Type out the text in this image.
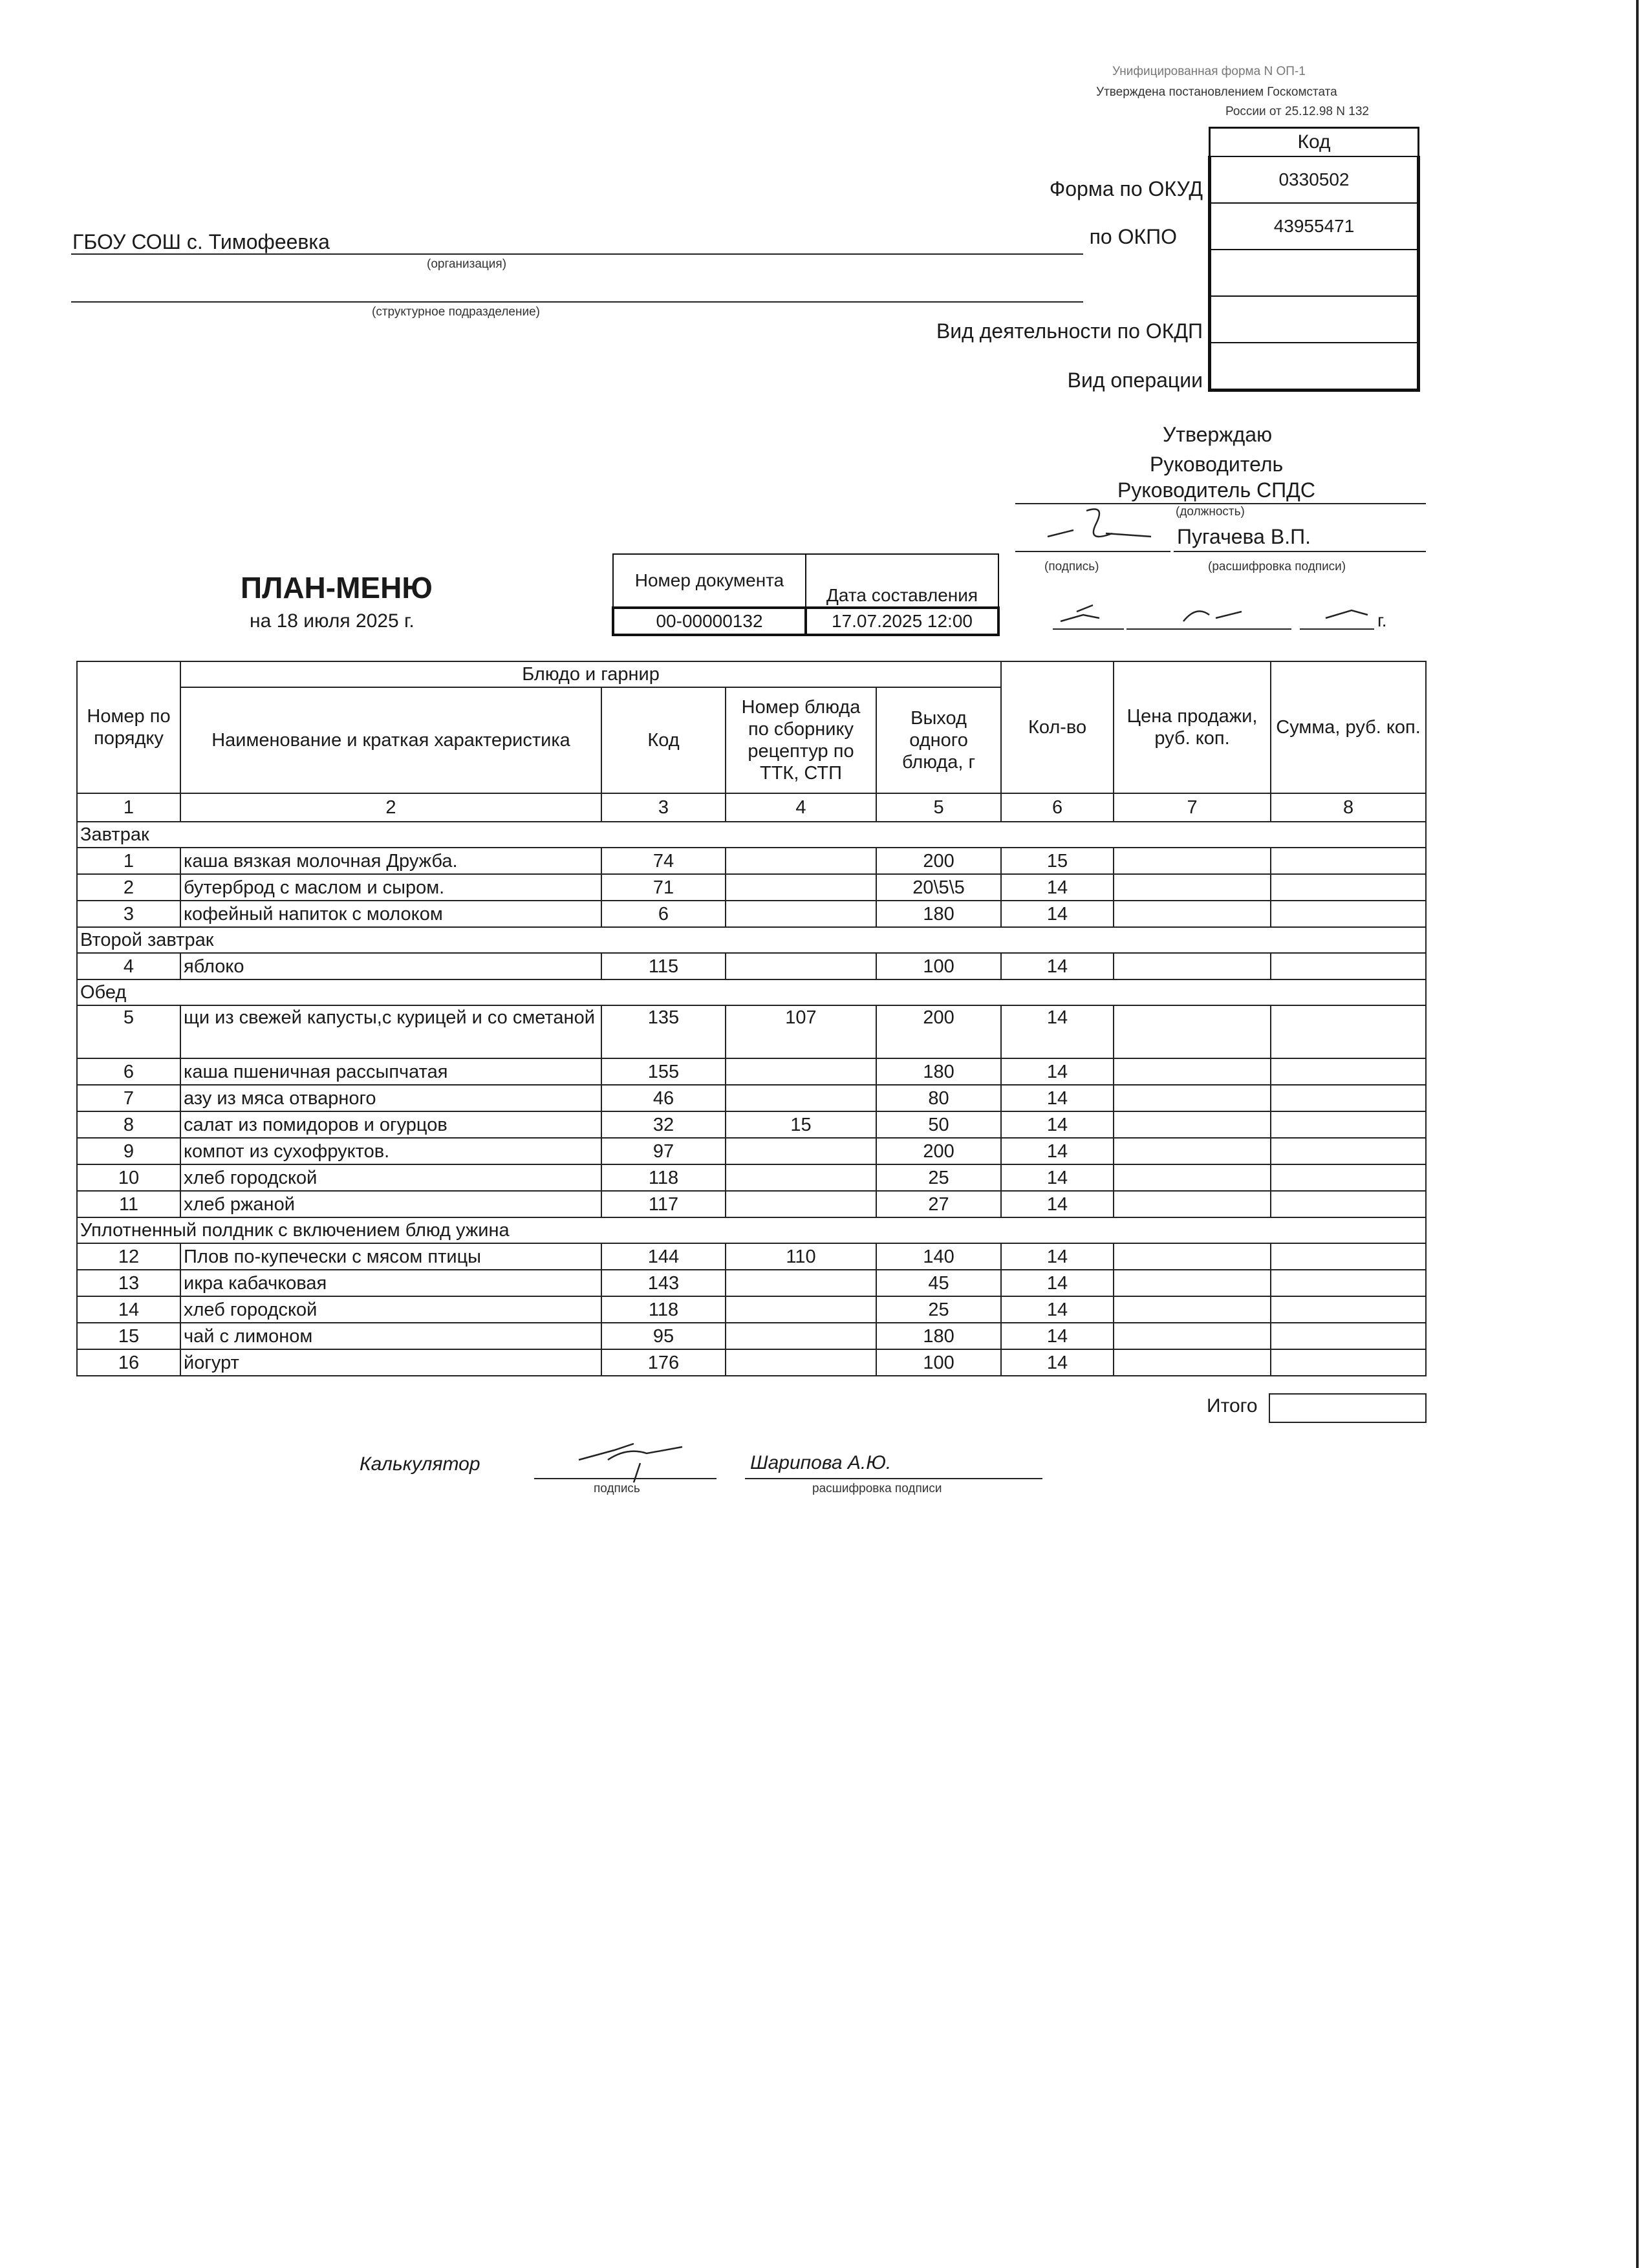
Унифицированная форма N ОП-1
Утверждена постановлением Госкомстата
России от 25.12.98 N 132
Код
0330502
43955471

Форма по ОКУД
по ОКПО
Вид деятельности по ОКДП
Вид операции
ГБОУ СОШ с. Тимофеевка
(организация)
(структурное подразделение)
Утверждаю
Руководитель
Руководитель СПДС
(должность)
Пугачева В.П.
(подпись)	(расшифровка подписи)
г.
ПЛАН-МЕНЮ
на 18 июля 2025 г.
Номер документа	Дата составления
00-00000132	17.07.2025 12:00
Номер по порядку	Блюдо и гарнир				Кол-во	Цена продажи, руб. коп.	Сумма, руб. коп.
	Наименование и краткая характеристика	Код	Номер блюда по сборнику рецептур по ТТК, СТП	Выход одного блюда, г			
1	2	3	4	5	6	7	8
Завтрак							
1	каша вязкая молочная Дружба.	74		200	15		
2	бутерброд с маслом и сыром.	71		20\5\5	14		
3	кофейный напиток с молоком	6		180	14		
Второй завтрак							
4	яблоко	115		100	14		
Обед							
5	щи из свежей капусты,с курицей и со сметаной	135	107	200	14		
6	каша пшеничная рассыпчатая	155		180	14		
7	азу из мяса отварного	46		80	14		
8	салат из помидоров и огурцов	32	15	50	14		
9	компот из сухофруктов.	97		200	14		
10	хлеб городской	118		25	14		
11	хлеб ржаной	117		27	14		
Уплотненный полдник с включением блюд ужина							
12	Плов по-купечески с мясом птицы	144	110	140	14		
13	икра кабачковая	143		45	14		
14	хлеб городской	118		25	14		
15	чай с лимоном	95		180	14		
16	йогурт	176		100	14		
Итого
Калькулятор
подпись
Шарипова А.Ю.
расшифровка подписи
